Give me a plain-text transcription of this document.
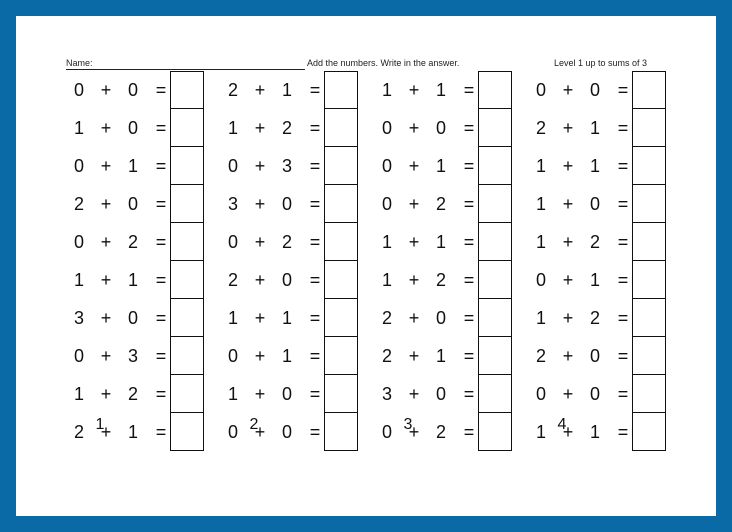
Name:	Add the numbers. Write in the answer.	Level 1 up to sums of 3
0 + 0 =
1 + 0 =
0 + 1 =
2 + 0 =
0 + 2 =
1 + 1 =
3 + 0 =
0 + 3 =
1 + 2 =
2 + 1 =
1
2 + 1 =
1 + 2 =
0 + 3 =
3 + 0 =
0 + 2 =
2 + 0 =
1 + 1 =
0 + 1 =
1 + 0 =
0 + 0 =
2
1 + 1 =
0 + 0 =
0 + 1 =
0 + 2 =
1 + 1 =
1 + 2 =
2 + 0 =
2 + 1 =
3 + 0 =
0 + 2 =
3
0 + 0 =
2 + 1 =
1 + 1 =
1 + 0 =
1 + 2 =
0 + 1 =
1 + 2 =
2 + 0 =
0 + 0 =
1 + 1 =
4
